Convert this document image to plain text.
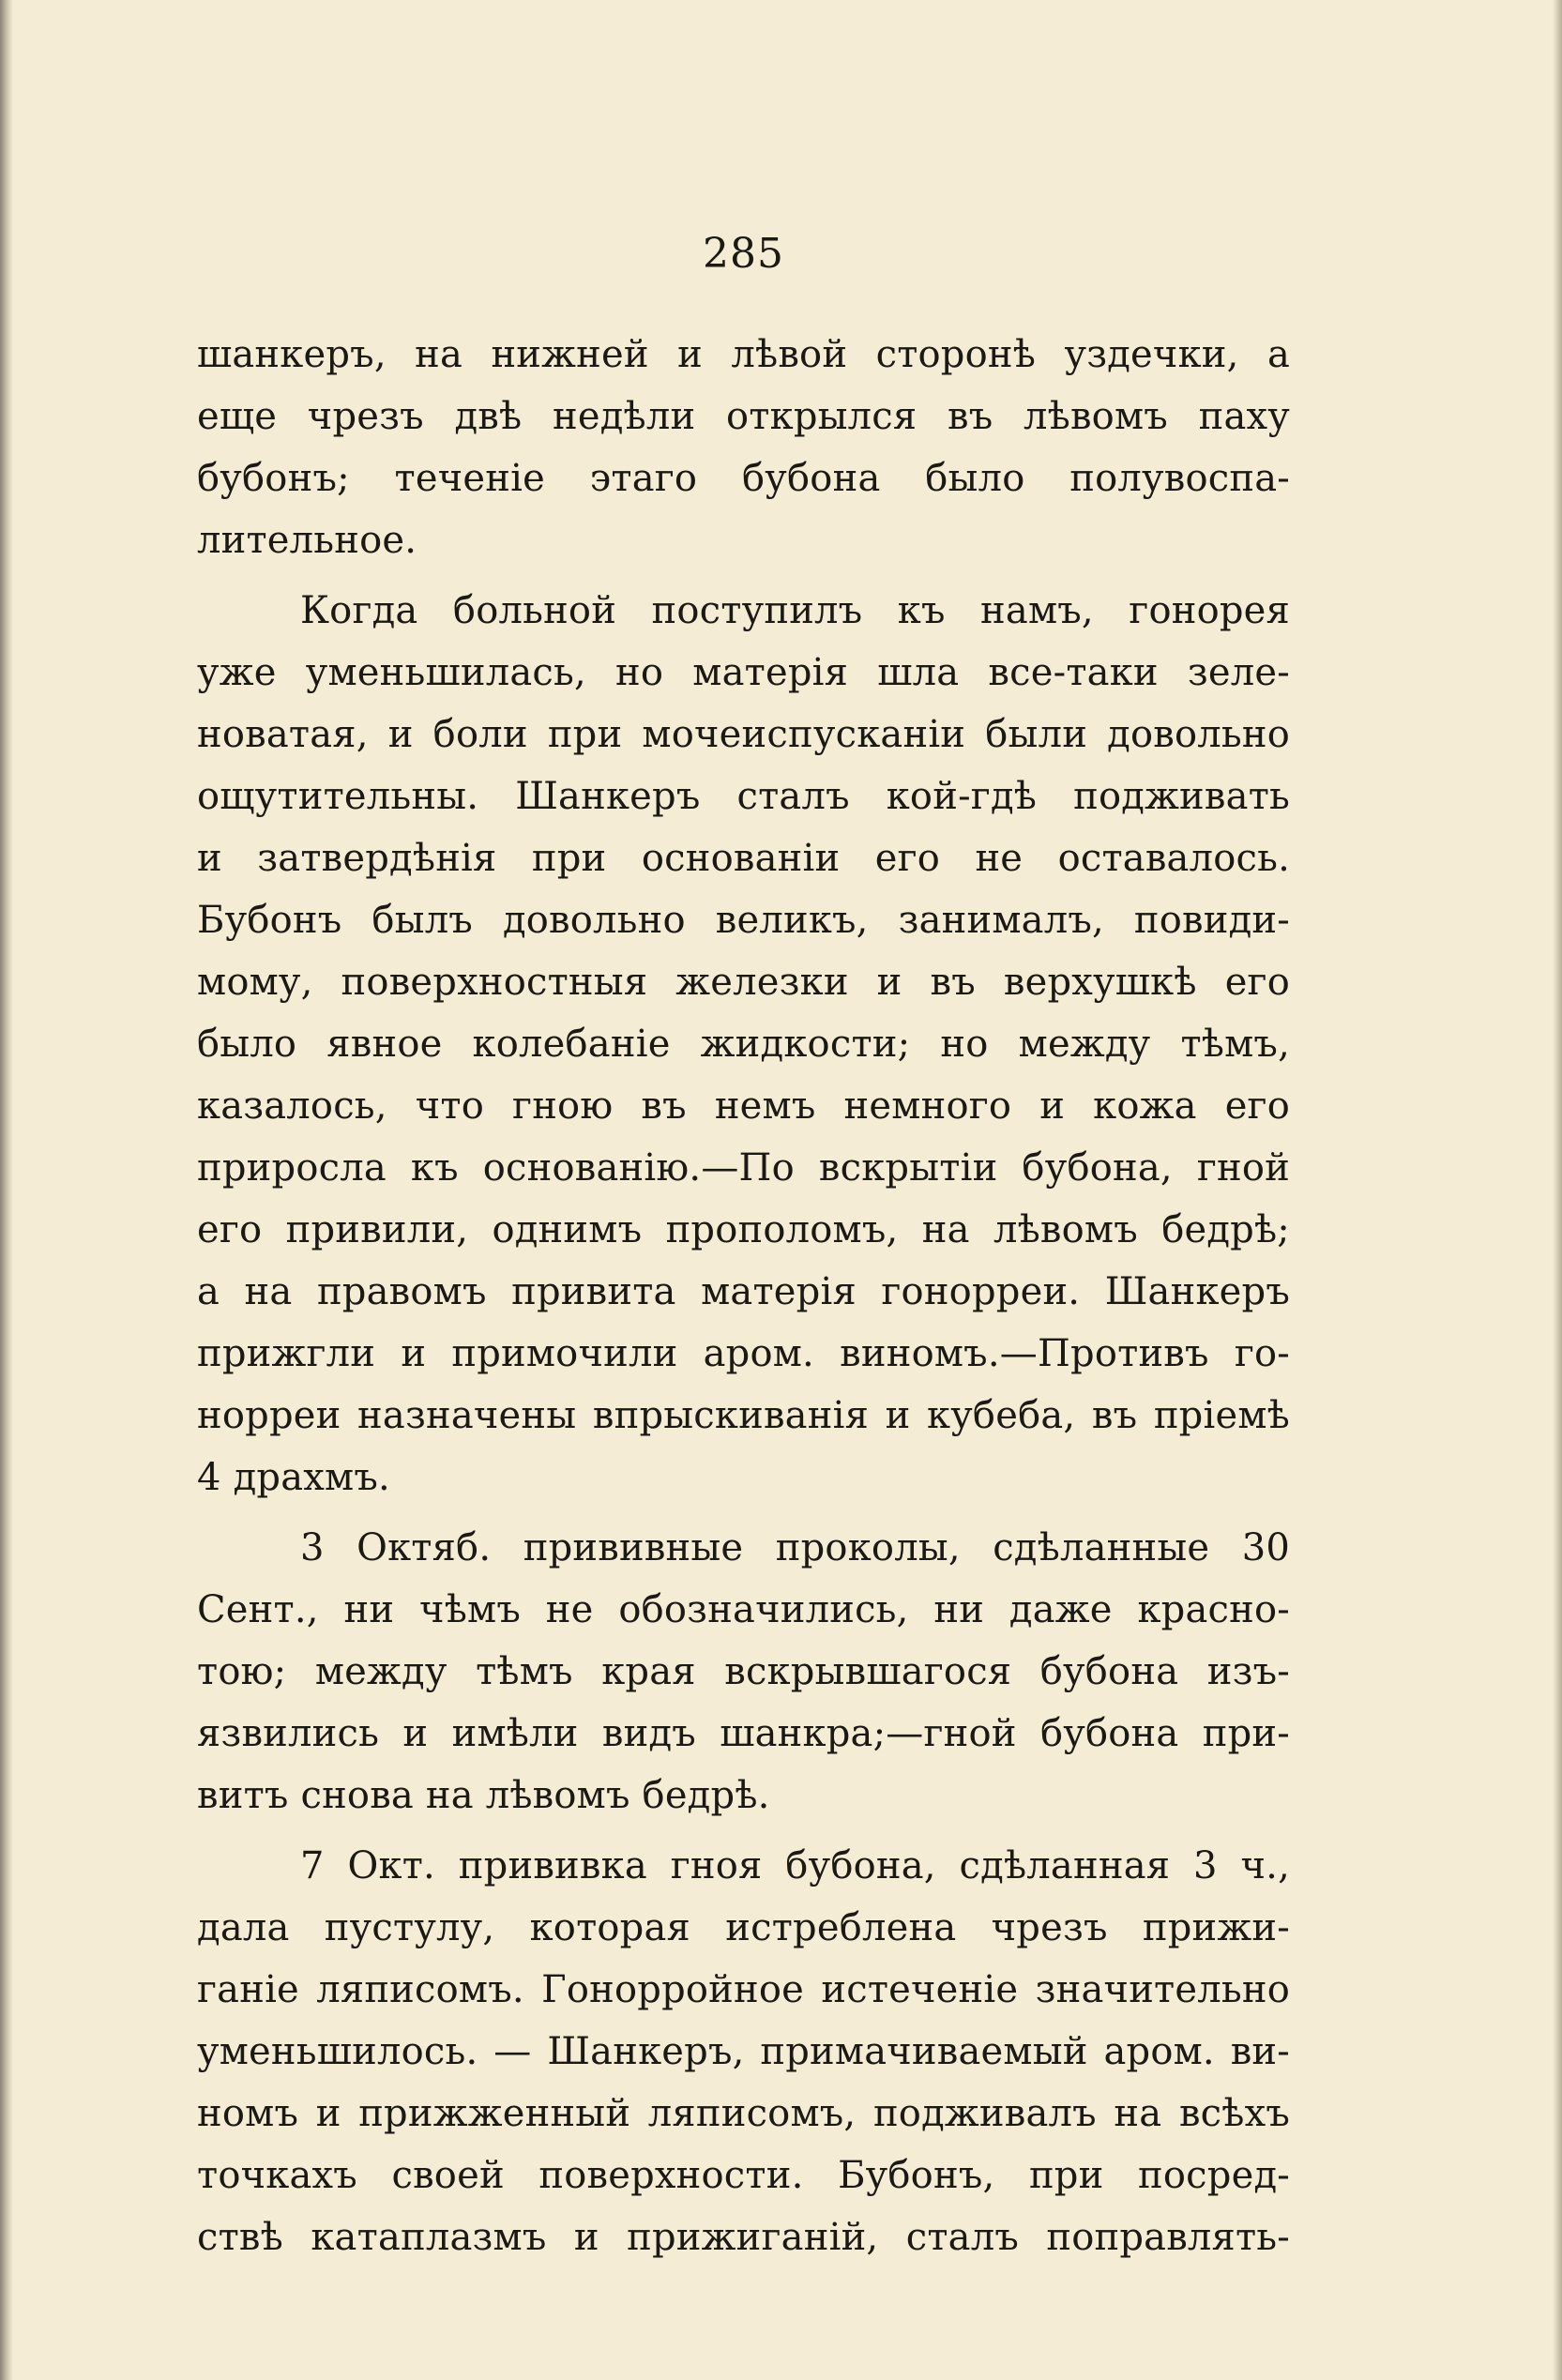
285
шанкеръ, на нижней и лѣвой сторонѣ уздечки, а
еще чрезъ двѣ недѣли открылся въ лѣвомъ паху
бубонъ; теченіе этаго бубона было полувоспа-
лительное.
Когда больной поступилъ къ намъ, гонорея
уже уменьшилась, но матерія шла все-таки зеле-
новатая, и боли при мочеиспусканіи были довольно
ощутительны. Шанкеръ сталъ кой-гдѣ подживать
и затвердѣнія при основаніи его не оставалось.
Бубонъ былъ довольно великъ, занималъ, повиди-
мому, поверхностныя железки и въ верхушкѣ его
было явное колебаніе жидкости; но между тѣмъ,
казалось, что гною въ немъ немного и кожа его
приросла къ основанію.—По вскрытіи бубона, гной
его привили, однимъ прополомъ, на лѣвомъ бедрѣ;
а на правомъ привита матерія гонорреи. Шанкеръ
прижгли и примочили аром. виномъ.—Противъ го-
норреи назначены впрыскиванія и кубеба, въ пріемѣ
4 драхмъ.
3 Октяб. прививные проколы, сдѣланные 30
Сент., ни чѣмъ не обозначились, ни даже красно-
тою; между тѣмъ края вскрывшагося бубона изъ-
язвились и имѣли видъ шанкра;—гной бубона при-
витъ снова на лѣвомъ бедрѣ.
7 Окт. прививка гноя бубона, сдѣланная 3 ч.,
дала пустулу, которая истреблена чрезъ прижи-
ганіе ляписомъ. Гонорройное истеченіе значительно
уменьшилось. — Шанкеръ, примачиваемый аром. ви-
номъ и прижженный ляписомъ, подживалъ на всѣхъ
точкахъ своей поверхности. Бубонъ, при посред-
ствѣ катаплазмъ и прижиганій, сталъ поправлять-
